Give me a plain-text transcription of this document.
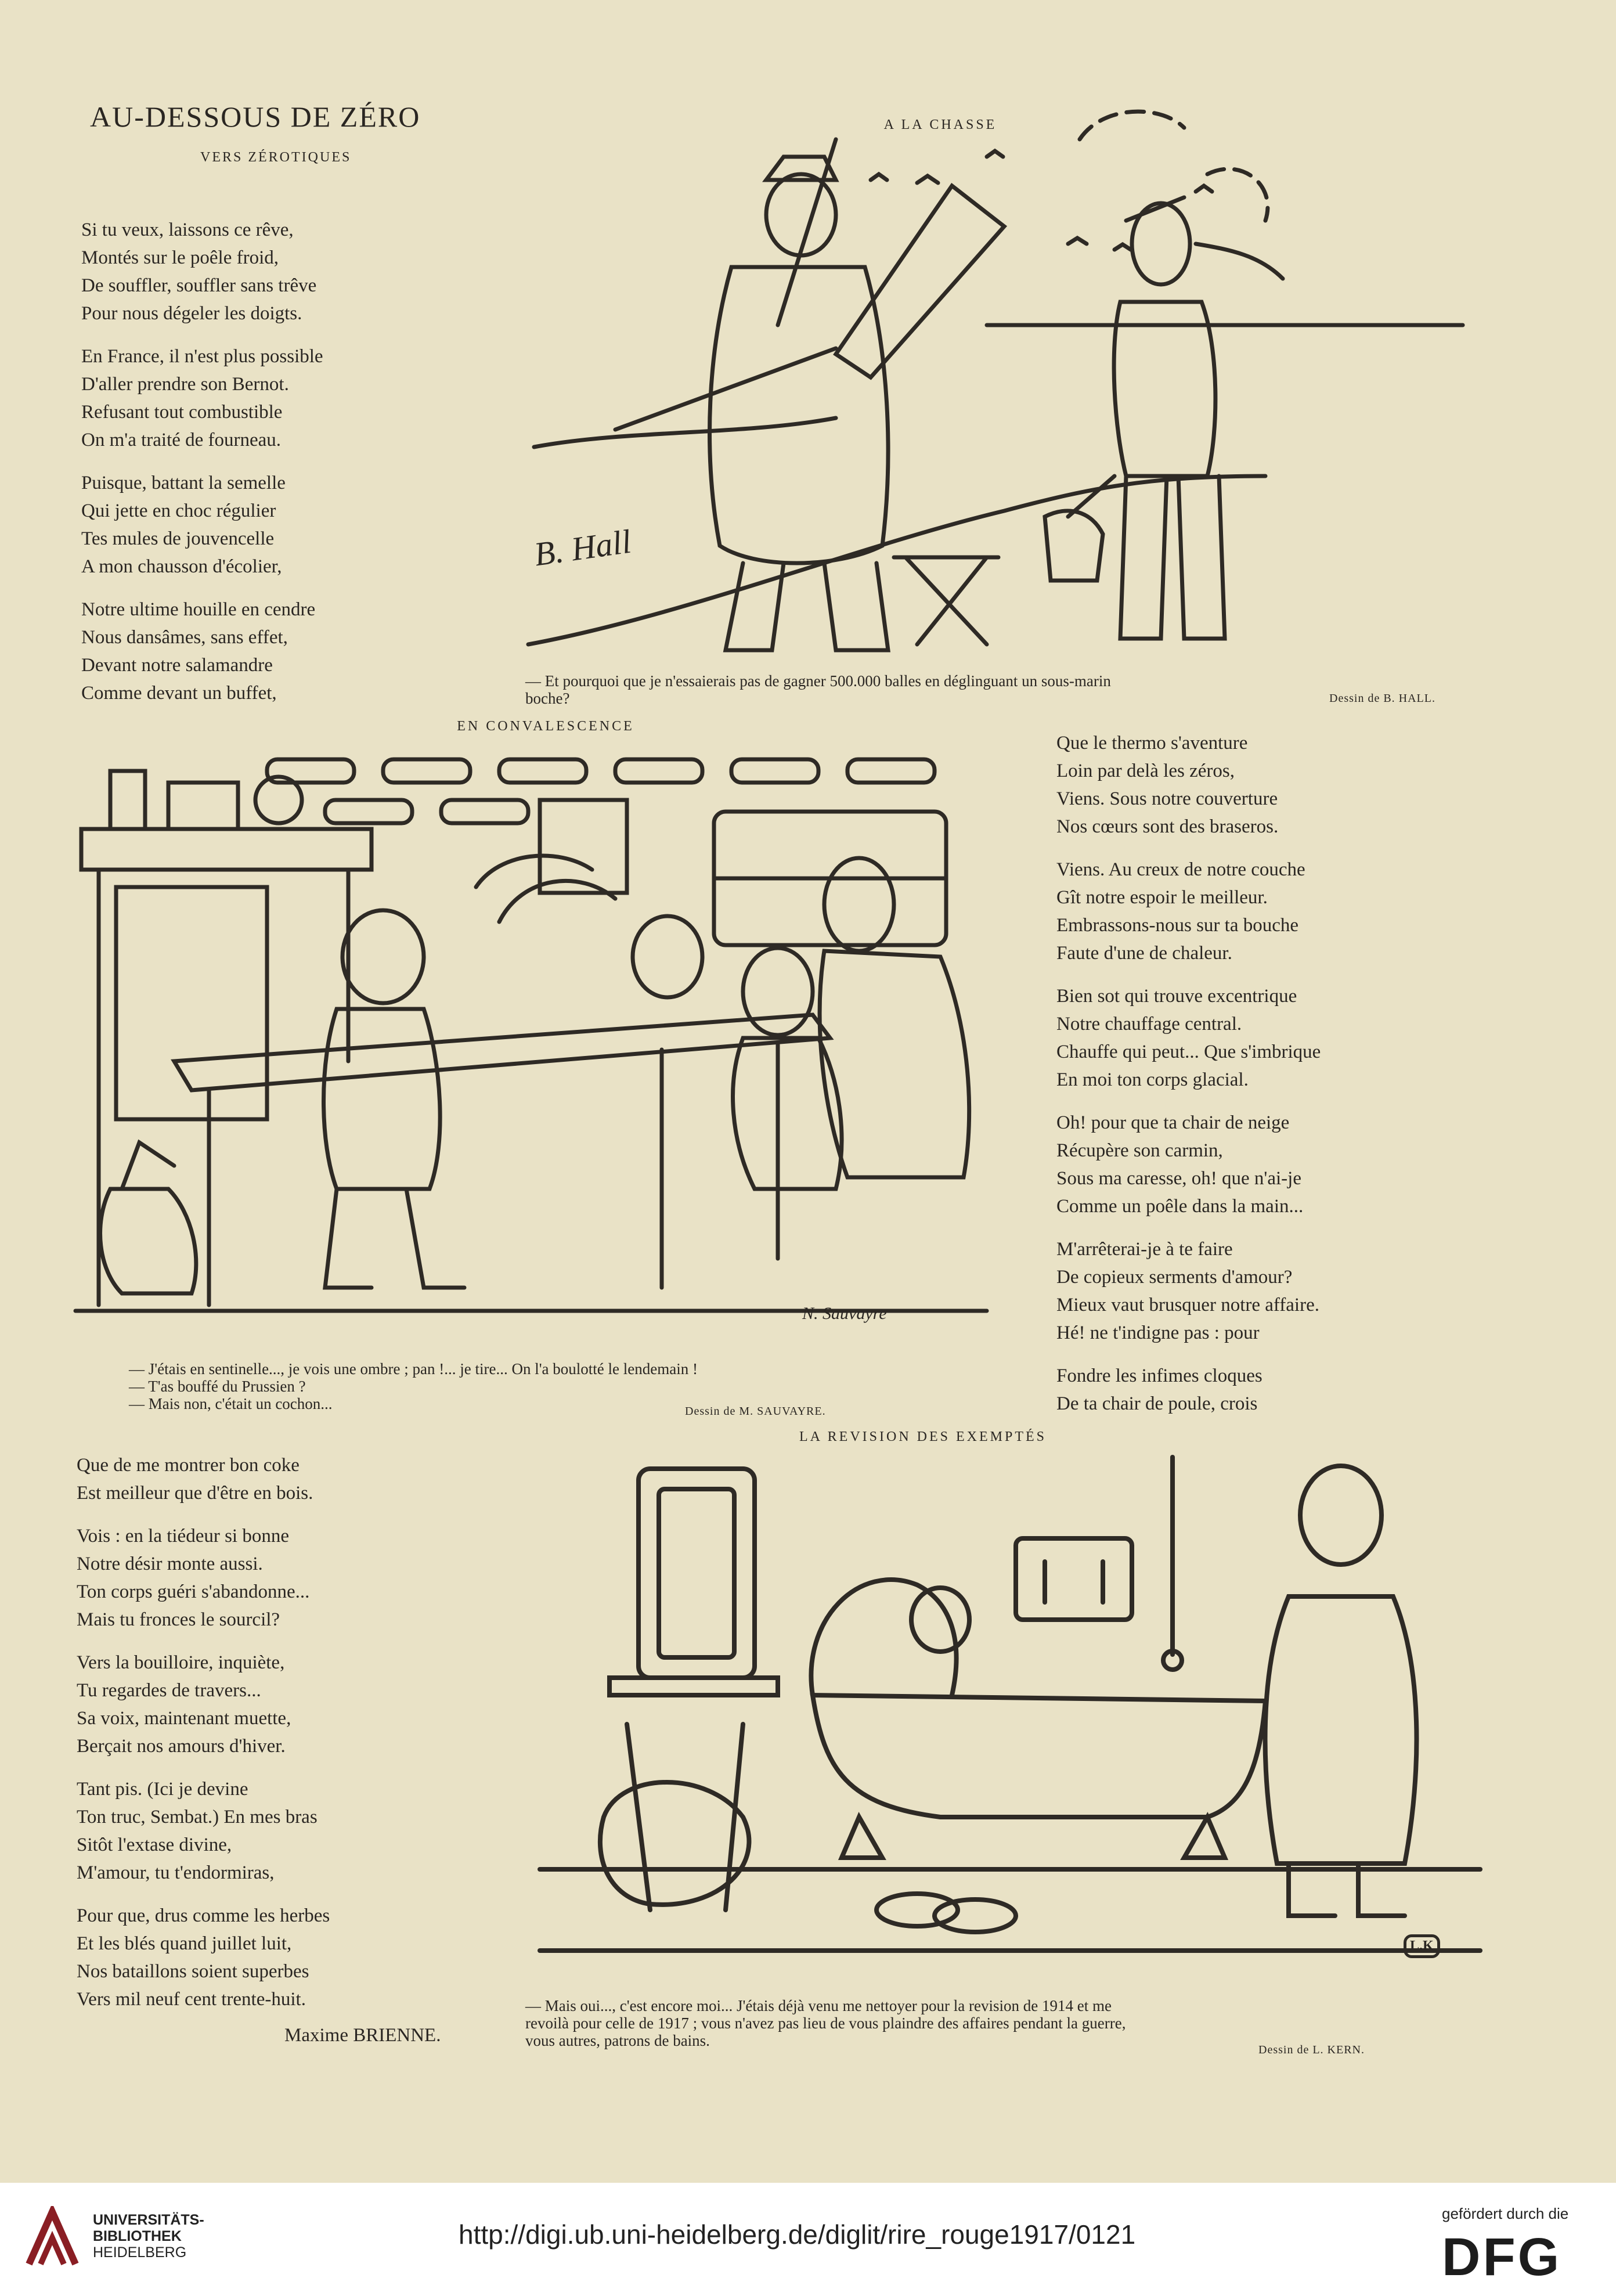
AU-DESSOUS DE ZÉRO
VERS ZÉROTIQUES

Si tu veux, laissons ce rêve,

Montés sur le poêle froid,

De souffler, souffler sans trêve

Pour nous dégeler les doigts.

En France, il n'est plus possible

D'aller prendre son Bernot.

Refusant tout combustible

On m'a traité de fourneau.

Puisque, battant la semelle

Qui jette en choc régulier

Tes mules de jouvencelle

A mon chausson d'écolier,

Notre ultime houille en cendre

Nous dansâmes, sans effet,

Devant notre salamandre

Comme devant un buffet,

A LA CHASSE
B. Hall

— Et pourquoi que je n'essaierais pas de gagner 500.000 balles en déglinguant un sous-marin

boche?	Dessin de B. HALL.
EN CONVALESCENCE
N. Sauvayre

— J'étais en sentinelle..., je vois une ombre ; pan !... je tire... On l'a boulotté le lendemain !

— T'as bouffé du Prussien ?

— Mais non, c'était un cochon...	Dessin de M. SAUVAYRE.

Que le thermo s'aventure

Loin par delà les zéros,

Viens. Sous notre couverture

Nos cœurs sont des braseros.

Viens. Au creux de notre couche

Gît notre espoir le meilleur.

Embrassons-nous sur ta bouche

Faute d'une de chaleur.

Bien sot qui trouve excentrique

Notre chauffage central.

Chauffe qui peut... Que s'imbrique

En moi ton corps glacial.

Oh! pour que ta chair de neige

Récupère son carmin,

Sous ma caresse, oh! que n'ai-je

Comme un poêle dans la main...

M'arrêterai-je à te faire

De copieux serments d'amour?

Mieux vaut brusquer notre affaire.

Hé! ne t'indigne pas : pour

Fondre les infimes cloques

De ta chair de poule, crois

LA REVISION DES EXEMPTÉS
L.K

— Mais oui..., c'est encore moi... J'étais déjà venu me nettoyer pour la revision de 1914 et me

revoilà pour celle de 1917 ; vous n'avez pas lieu de vous plaindre des affaires pendant la guerre,

vous autres, patrons de bains.

Dessin de L. KERN.

Que de me montrer bon coke

Est meilleur que d'être en bois.

Vois : en la tiédeur si bonne

Notre désir monte aussi.

Ton corps guéri s'abandonne...

Mais tu fronces le sourcil?

Vers la bouilloire, inquiète,

Tu regardes de travers...

Sa voix, maintenant muette,

Berçait nos amours d'hiver.

Tant pis. (Ici je devine

Ton truc, Sembat.) En mes bras

Sitôt l'extase divine,

M'amour, tu t'endormiras,

Pour que, drus comme les herbes

Et les blés quand juillet luit,

Nos bataillons soient superbes

Vers mil neuf cent trente-huit.

Maxime BRIENNE.
UNIVERSITÄTS-
BIBLIOTHEK
HEIDELBERG
http://digi.ub.uni-heidelberg.de/diglit/rire_rouge1917/0121
gefördert durch die
DFG
